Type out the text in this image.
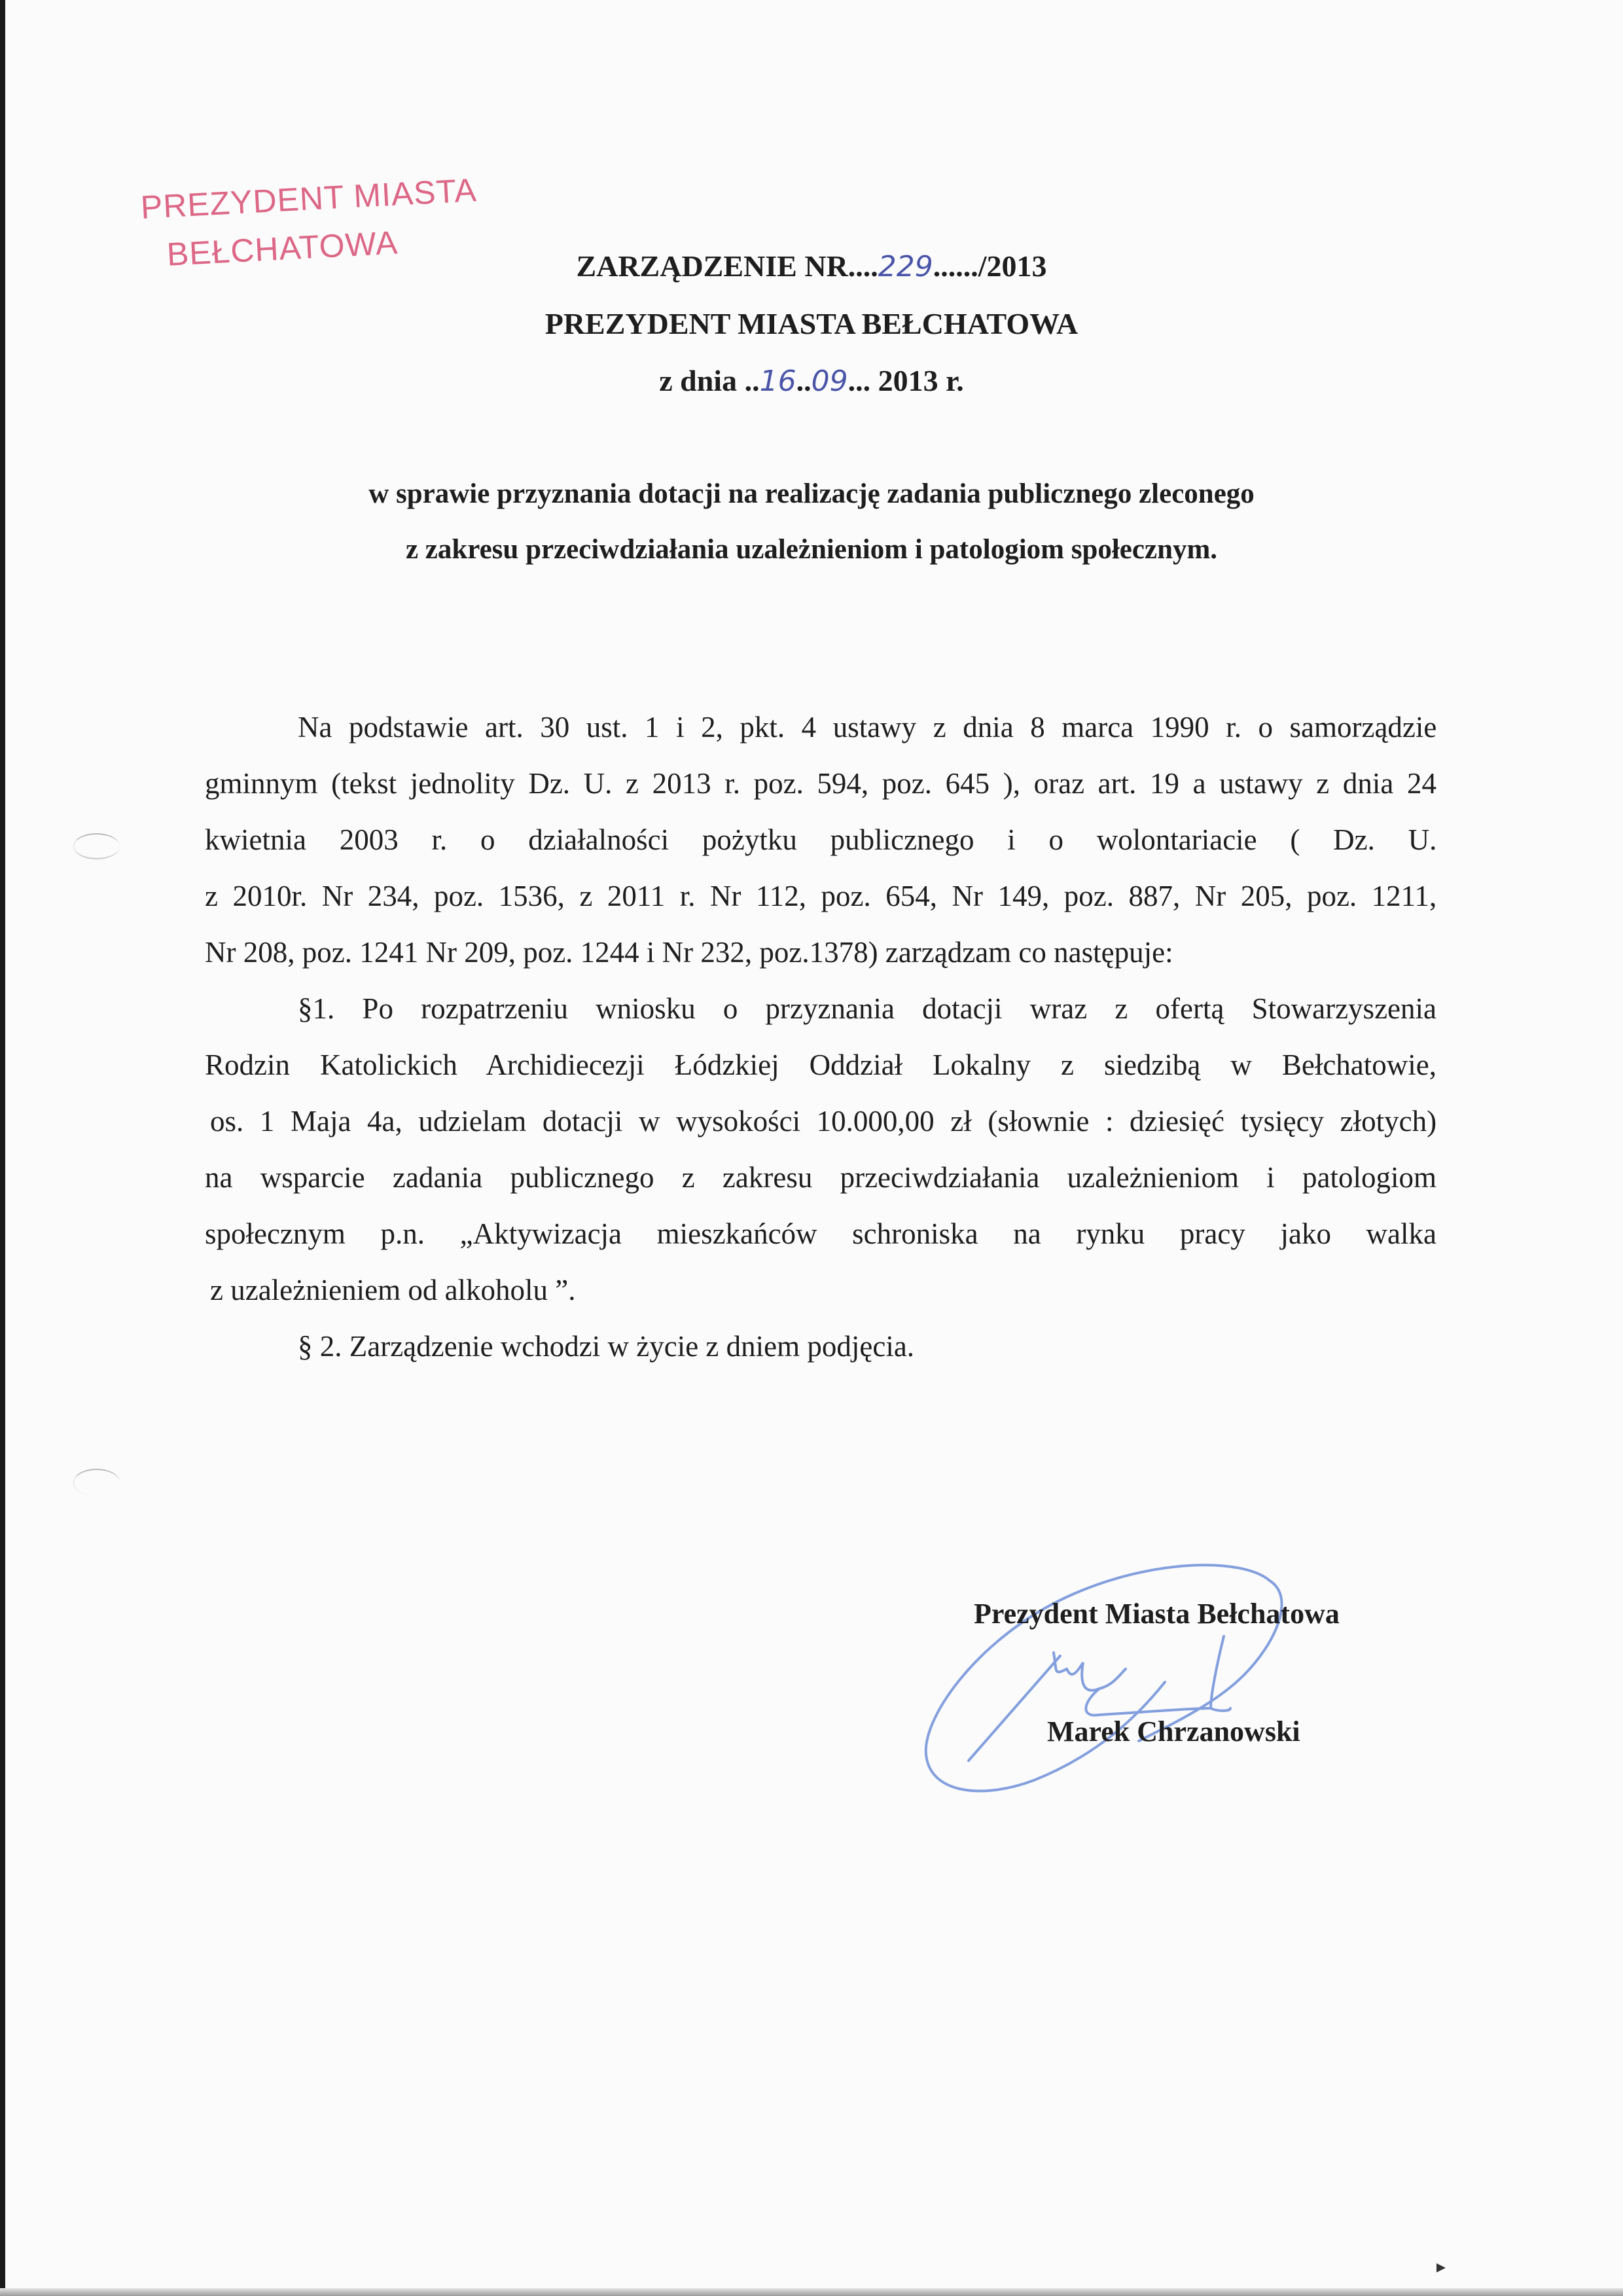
PREZYDENT MIASTA
BEŁCHATOWA	ZARZĄDZENIE NR....229....../2013
PREZYDENT MIASTA BEŁCHATOWA
z dnia ..16..09... 2013 r.
w sprawie przyznania dotacji na realizację zadania publicznego zleconego
z zakresu przeciwdziałania uzależnieniom i patologiom społecznym.
Na podstawie art. 30 ust. 1 i 2, pkt. 4 ustawy z dnia 8 marca 1990 r. o samorządzie
gminnym (tekst jednolity Dz. U. z 2013 r. poz. 594, poz. 645 ), oraz art. 19 a ustawy z dnia 24
kwietnia 2003 r. o działalności pożytku publicznego i o wolontariacie ( Dz. U.
z 2010r. Nr 234, poz. 1536, z 2011 r. Nr 112, poz. 654, Nr 149, poz. 887, Nr 205, poz. 1211,
Nr 208, poz. 1241 Nr 209, poz. 1244 i Nr 232, poz.1378) zarządzam co następuje:
§1. Po rozpatrzeniu wniosku o przyznania dotacji wraz z ofertą Stowarzyszenia
Rodzin Katolickich Archidiecezji Łódzkiej Oddział Lokalny z siedzibą w Bełchatowie,
os. 1 Maja 4a, udzielam dotacji w wysokości 10.000,00 zł (słownie : dziesięć tysięcy złotych)
na wsparcie zadania publicznego z zakresu przeciwdziałania uzależnieniom i patologiom
społecznym p.n. „Aktywizacja mieszkańców schroniska na rynku pracy jako walka
z uzależnieniem od alkoholu ”.
§ 2. Zarządzenie wchodzi w życie z dniem podjęcia.
Prezydent Miasta Bełchatowa
Marek Chrzanowski
